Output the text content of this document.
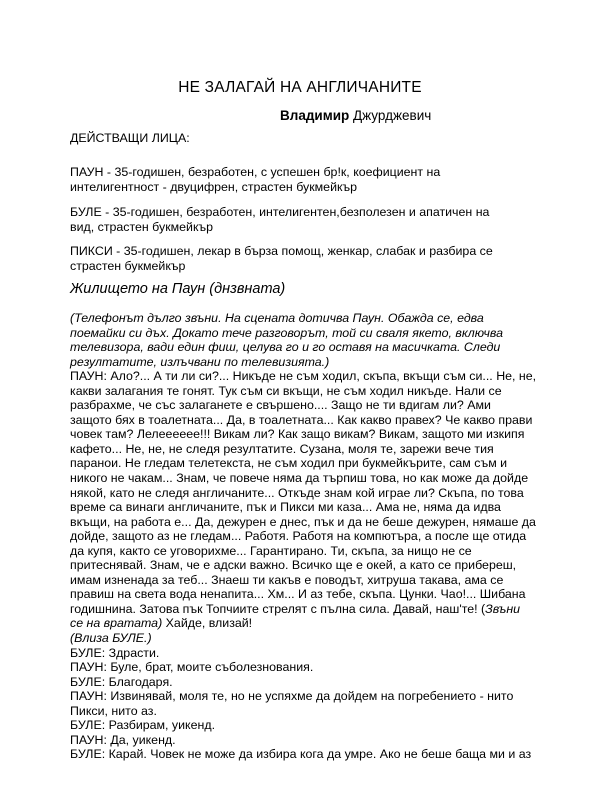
НЕ ЗАЛАГАЙ НА АНГЛИЧАНИТЕ
Владимир Джурджевич
ДЕЙСТВАЩИ ЛИЦА:
ПАУН - 35-годишен, безработен, с успешен бр!к, коефициент на
интелигентност - двуцифрен, страстен букмейкър
БУЛЕ - 35-годишен, безработен, интелигентен,безполезен и апатичен на
вид, страстен букмейкър
ПИКСИ - 35-годишен, лекар в бърза помощ, женкар, слабак и разбира се
страстен букмейкър
Жилището на Паун (днзвната)
(Телефонът дълго звъни. На сцената дотичва Паун. Обажда се, едва
поемайки си дъх. Докато тече разговорът, той си сваля якето, включва
телевизора, вади един фиш, целува го и го оставя на масичката. Следи
резултатите, излъчвани по телевизията.)
ПАУН: Ало?... А ти ли си?... Никъде не съм ходил, скъпа, вкъщи съм си... Не, не,
какви залагания те гонят. Тук съм си вкъщи, не съм ходил никъде. Нали се
разбрахме, че със залаганете е свършено.... Защо не ти вдигам ли? Ами
защото бях в тоалетната... Да, в тоалетната... Как какво правех? Че какво прави
човек там? Лелееееее!!! Викам ли? Как защо викам? Викам, защото ми изкипя
кафето... Не, не, не следя резултатите. Сузана, моля те, зарежи вече тия
паранои. Не гледам телетекста, не съм ходил при букмейкърите, сам съм и
никого не чакам... Знам, че повече няма да търпиш това, но как може да дойде
някой, като не следя англичаните... Откъде знам кой играе ли? Скъпа, по това
време са винаги англичаните, пък и Пикси ми каза... Ама не, няма да идва
вкъщи, на работа е... Да, дежурен е днес, пък и да не беше дежурен, нямаше да
дойде, защото аз не гледам... Работя. Работя на компютъра, а после ще отида
да купя, както се уговорихме... Гарантирано. Ти, скъпа, за нищо не се
притеснявай. Знам, че е адски важно. Всичко ще е окей, а като се прибереш,
имам изненада за теб... Знаеш ти какъв е поводът, хитруша такава, ама се
правиш на света вода ненапита... Хм... И аз тебе, скъпа. Цунки. Чао!... Шибана
годишнина. Затова пък Топчиите стрелят с пълна сила. Давай, наш'те! (Звъни
се на вратата) Хайде, влизай!
(Влиза БУЛЕ.)
БУЛЕ: Здрасти.
ПАУН: Буле, брат, моите съболезнования.
БУЛЕ: Благодаря.
ПАУН: Извинявай, моля те, но не успяхме да дойдем на погребението - нито
Пикси, нито аз.
БУЛЕ: Разбирам, уикенд.
ПАУН: Да, уикенд.
БУЛЕ: Карай. Човек не може да избира кога да умре. Ако не беше баща ми и аз
